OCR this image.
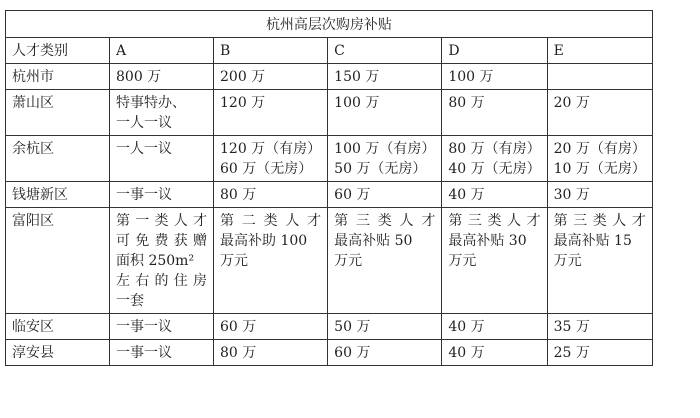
杭州高层次购房补贴					
人才类别	A	B	C	D	E
杭州市	800 万	200 万	150 万	100 万	

萧山区	特事特办、
一人一议	120 万	100 万	80 万	20 万

余杭区	一人一议	120 万（有房）
60 万（无房）	100 万（有房）
50 万（无房）	80 万（有房）
40 万（无房）	20 万（有房）
10 万（无房）

钱塘新区	一事一议	80 万	60 万	40 万	30 万

富阳区	第一类人才
可免费获赠
面积 250m²
左右的住房
一套	第二类人才
最高补助 100
万元	第三类人才
最高补贴 50
万元	第三类人才
最高补贴 30
万元	第三类人才
最高补贴 15
万元

临安区	一事一议	60 万	50 万	40 万	35 万

淳安县	一事一议	80 万	60 万	40 万	25 万
